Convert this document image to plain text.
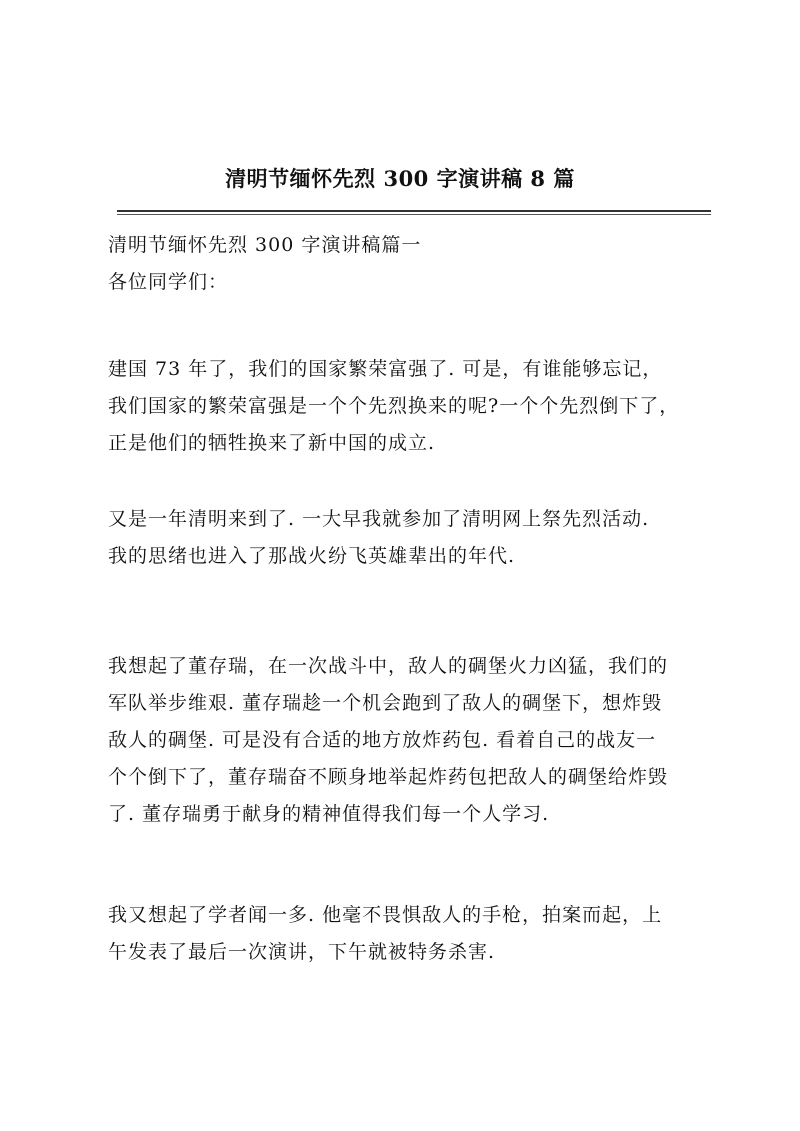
清明节缅怀先烈 300 字演讲稿 8 篇
清明节缅怀先烈 300 字演讲稿篇一
各位同学们：
建国 73 年了，我们的国家繁荣富强了. 可是，有谁能够忘记，
我们国家的繁荣富强是一个个先烈换来的呢?一个个先烈倒下了，
正是他们的牺牲换来了新中国的成立.
又是一年清明来到了. 一大早我就参加了清明网上祭先烈活动.
我的思绪也进入了那战火纷飞英雄辈出的年代.
我想起了董存瑞，在一次战斗中，敌人的碉堡火力凶猛，我们的
军队举步维艰. 董存瑞趁一个机会跑到了敌人的碉堡下，想炸毁
敌人的碉堡. 可是没有合适的地方放炸药包. 看着自己的战友一
个个倒下了，董存瑞奋不顾身地举起炸药包把敌人的碉堡给炸毁
了. 董存瑞勇于献身的精神值得我们每一个人学习.
我又想起了学者闻一多. 他毫不畏惧敌人的手枪，拍案而起，上
午发表了最后一次演讲，下午就被特务杀害.
